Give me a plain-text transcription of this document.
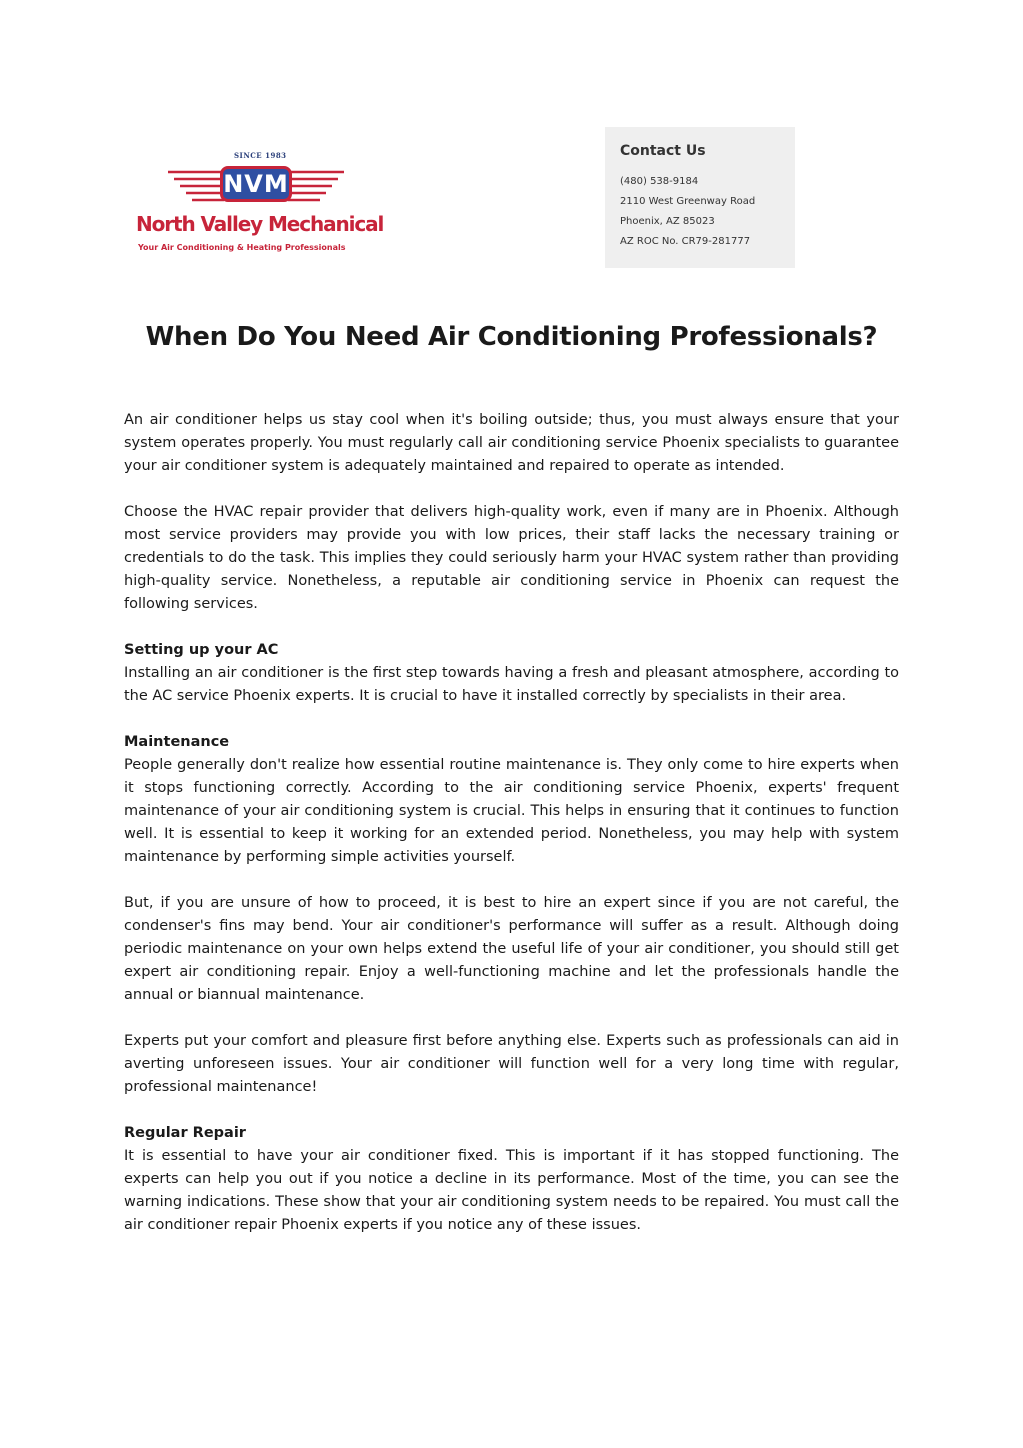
SINCE 1983
NVM
North Valley Mechanical
Your Air Conditioning & Heating Professionals
Contact Us
(480) 538-9184
2110 West Greenway Road
Phoenix, AZ 85023
AZ ROC No. CR79-281777
When Do You Need Air Conditioning Professionals?

An air conditioner helps us stay cool when it's boiling outside; thus, you must always ensure that your system operates properly. You must regularly call air conditioning service Phoenix specialists to guarantee your air conditioner system is adequately maintained and repaired to operate as intended.

Choose the HVAC repair provider that delivers high-quality work, even if many are in Phoenix. Although most service providers may provide you with low prices, their staff lacks the necessary training or credentials to do the task. This implies they could seriously harm your HVAC system rather than providing high-quality service. Nonetheless, a reputable air conditioning service in Phoenix can request the following services.

Setting up your AC
Installing an air conditioner is the first step towards having a fresh and pleasant atmosphere, according to the AC service Phoenix experts. It is crucial to have it installed correctly by specialists in their area.

Maintenance
People generally don't realize how essential routine maintenance is. They only come to hire experts when it stops functioning correctly. According to the air conditioning service Phoenix, experts' frequent maintenance of your air conditioning system is crucial. This helps in ensuring that it continues to function well. It is essential to keep it working for an extended period. Nonetheless, you may help with system maintenance by performing simple activities yourself.

But, if you are unsure of how to proceed, it is best to hire an expert since if you are not careful, the condenser's fins may bend. Your air conditioner's performance will suffer as a result. Although doing periodic maintenance on your own helps extend the useful life of your air conditioner, you should still get expert air conditioning repair. Enjoy a well-functioning machine and let the professionals handle the annual or biannual maintenance.

Experts put your comfort and pleasure first before anything else. Experts such as professionals can aid in averting unforeseen issues. Your air conditioner will function well for a very long time with regular, professional maintenance!

Regular Repair
It is essential to have your air conditioner fixed. This is important if it has stopped functioning. The experts can help you out if you notice a decline in its performance. Most of the time, you can see the warning indications. These show that your air conditioning system needs to be repaired. You must call the air conditioner repair Phoenix experts if you notice any of these issues.
